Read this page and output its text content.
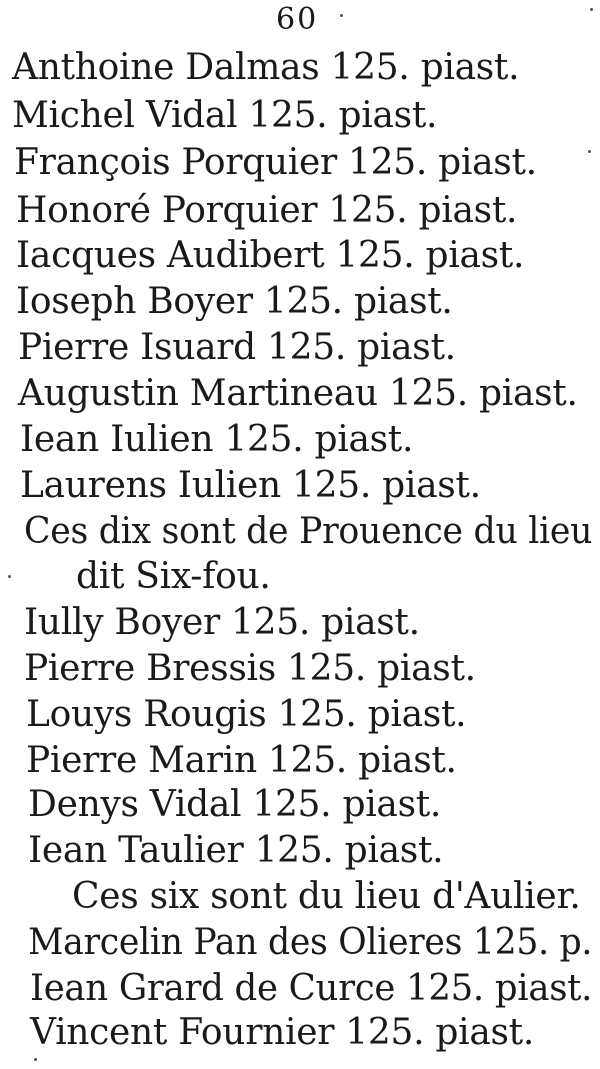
60
Anthoine Dalmas 125. piast.
Michel Vidal 125. piast.
François Porquier 125. piast.
Honoré Porquier 125. piast.
Iacques Audibert 125. piast.
Ioseph Boyer 125. piast.
Pierre Isuard 125. piast.
Augustin Martineau 125. piast.
Iean Iulien 125. piast.
Laurens Iulien 125. piast.
Ces dix sont de Prouence du lieu
dit Six-fou.
Iully Boyer 125. piast.
Pierre Bressis 125. piast.
Louys Rougis 125. piast.
Pierre Marin 125. piast.
Denys Vidal 125. piast.
Iean Taulier 125. piast.
Ces six sont du lieu d'Aulier.
Marcelin Pan des Olieres 125. p.
Iean Grard de Curce 125. piast.
Vincent Fournier 125. piast.
